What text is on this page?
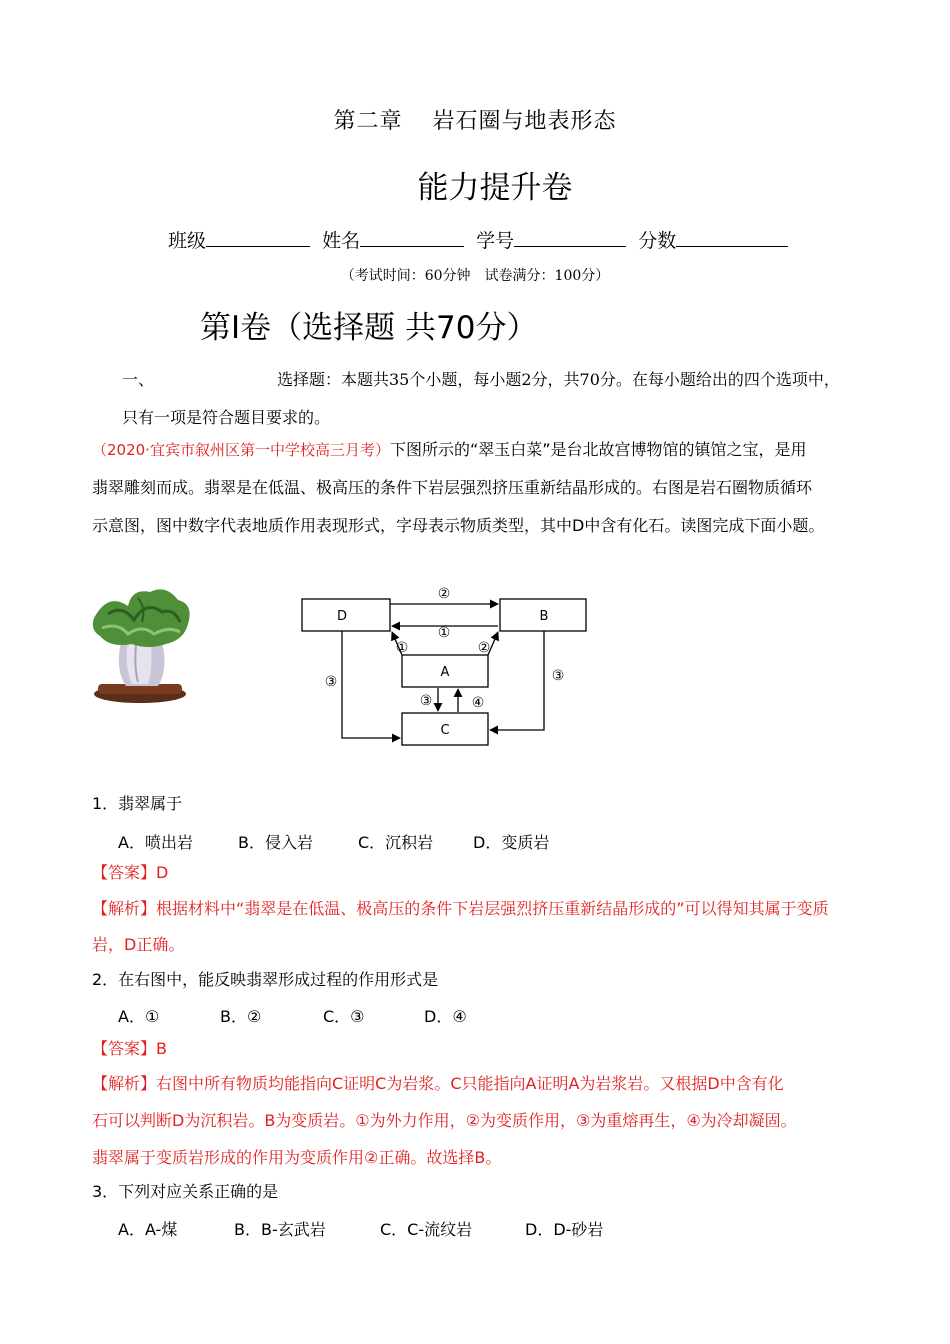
第二章 岩石圈与地表形态
能力提升卷
班级	姓名	学号	分数
（考试时间：60分钟　试卷满分：100分）
第Ⅰ卷（选择题 共70分）
一、	选择题：本题共35个小题，每小题2分，共70分。在每小题给出的四个选项中，
只有一项是符合题目要求的。
（2020·宜宾市叙州区第一中学校高三月考）下图所示的“翠玉白菜”是台北故宫博物馆的镇馆之宝，是用
翡翠雕刻而成。翡翠是在低温、极高压的条件下岩层强烈挤压重新结晶形成的。右图是岩石圈物质循环
示意图，图中数字代表地质作用表现形式，字母表示物质类型，其中D中含有化石。读图完成下面小题。
D	B
A
C
②
①
①	②
③	④
③	③
1．翡翠属于
A．喷出岩	B．侵入岩	C．沉积岩 D．变质岩
【答案】D
【解析】根据材料中“翡翠是在低温、极高压的条件下岩层强烈挤压重新结晶形成的”可以得知其属于变质
岩，D正确。
2．在右图中，能反映翡翠形成过程的作用形式是
A．①	B．②	C．③	D．④
【答案】B
【解析】右图中所有物质均能指向C证明C为岩浆。C只能指向A证明A为岩浆岩。又根据D中含有化
石可以判断D为沉积岩。B为变质岩。①为外力作用，②为变质作用，③为重熔再生，④为冷却凝固。
翡翠属于变质岩形成的作用为变质作用②正确。故选择B。
3．下列对应关系正确的是
A．A-煤	B．B-玄武岩	C．C-流纹岩	D．D-砂岩
